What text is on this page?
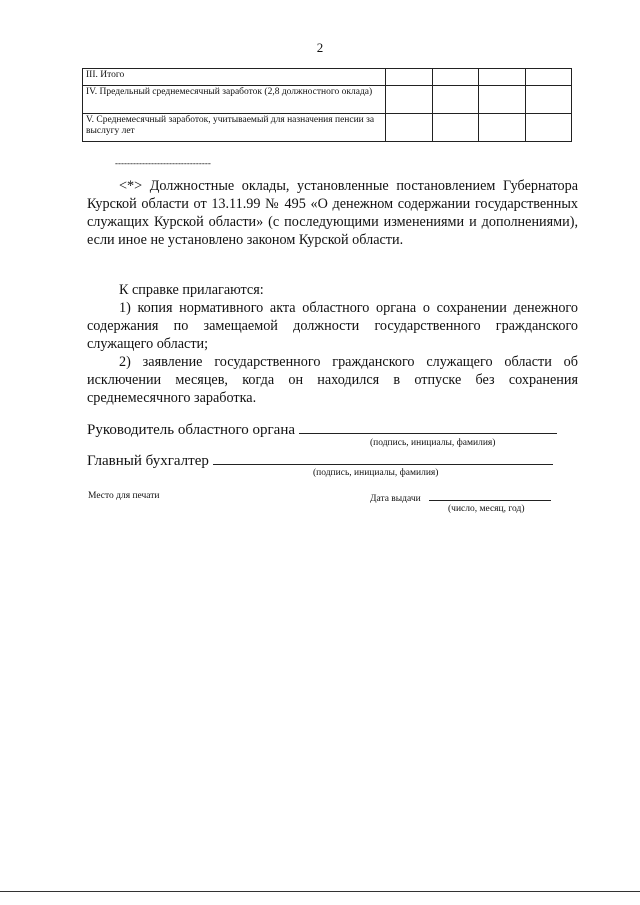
2
III. Итого				
IV. Предельный среднемесячный заработок (2,8 должностного оклада)				
V. Среднемесячный заработок, учитываемый для назначения пенсии за выслугу лет				
--------------------------------
<*> Должностные оклады, установленные постановлением Губернатора Курской области от 13.11.99 № 495 «О денежном содержании государственных служащих Курской области» (с последующими изменениями и дополнениями), если иное не установлено законом Курской области.
К справке прилагаются:
1) копия нормативного акта областного органа о сохранении денежного содержания по замещаемой должности государственного гражданского служащего области;
2) заявление государственного гражданского служащего области об исключении месяцев, когда он находился в отпуске без сохранения среднемесячного заработка.
Руководитель областного органа
(подпись, инициалы, фамилия)
Главный бухгалтер
(подпись, инициалы, фамилия)
Место для печати	Дата выдачи
(число, месяц, год)
